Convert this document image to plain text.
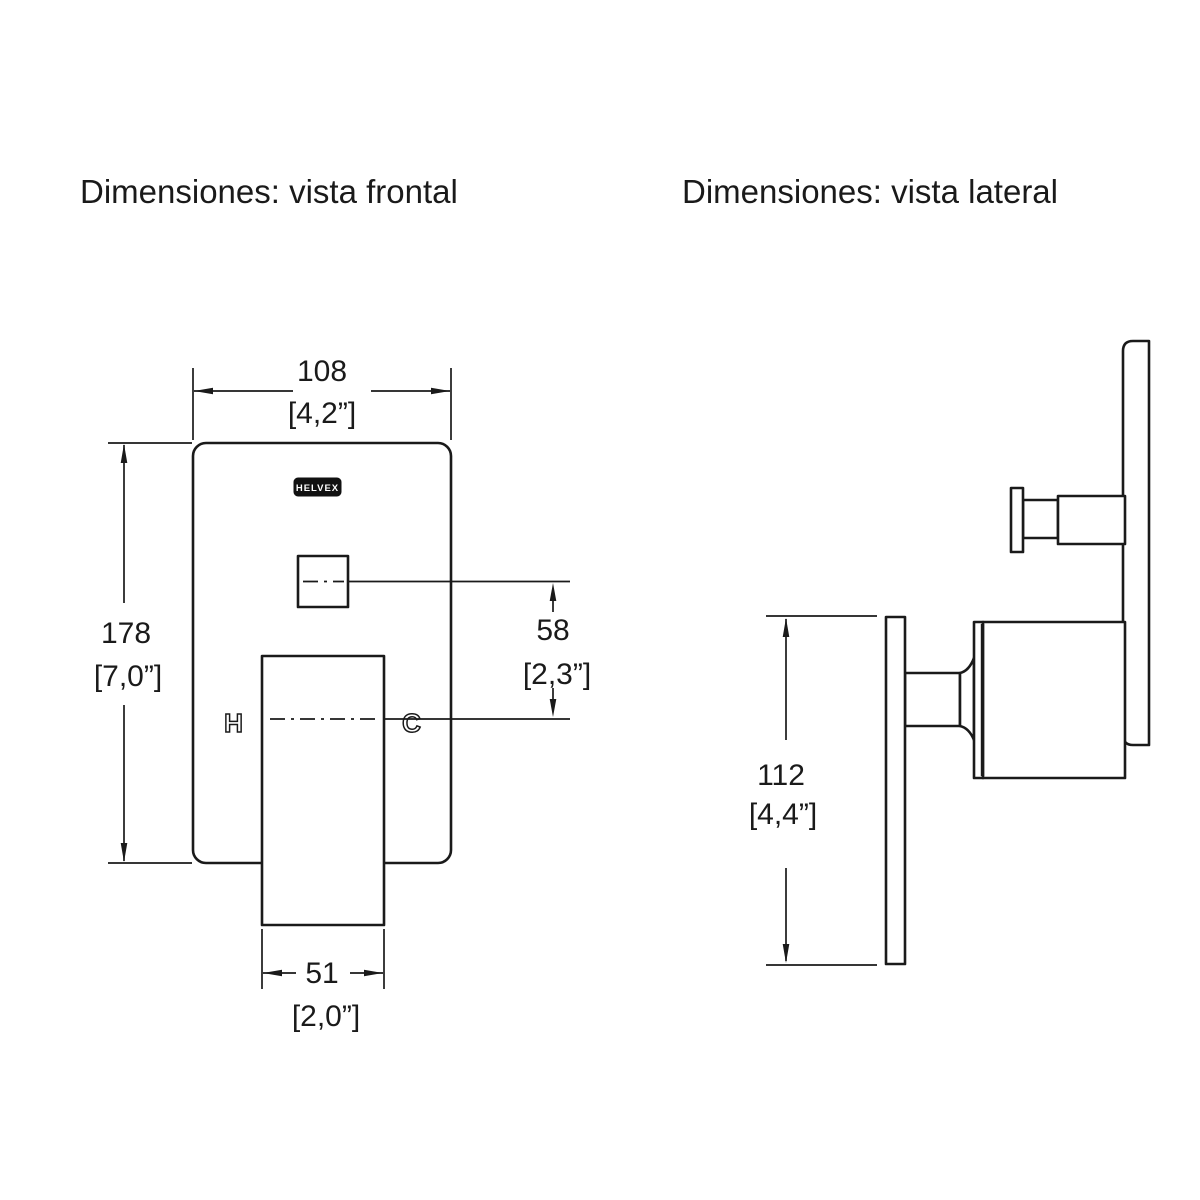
Dimensiones: vista frontal
HELVEX
H	C
108
[4,2”]
178
[7,0”]
58
[2,3”]
51
[2,0”]
Dimensiones: vista lateral
112
[4,4”]
